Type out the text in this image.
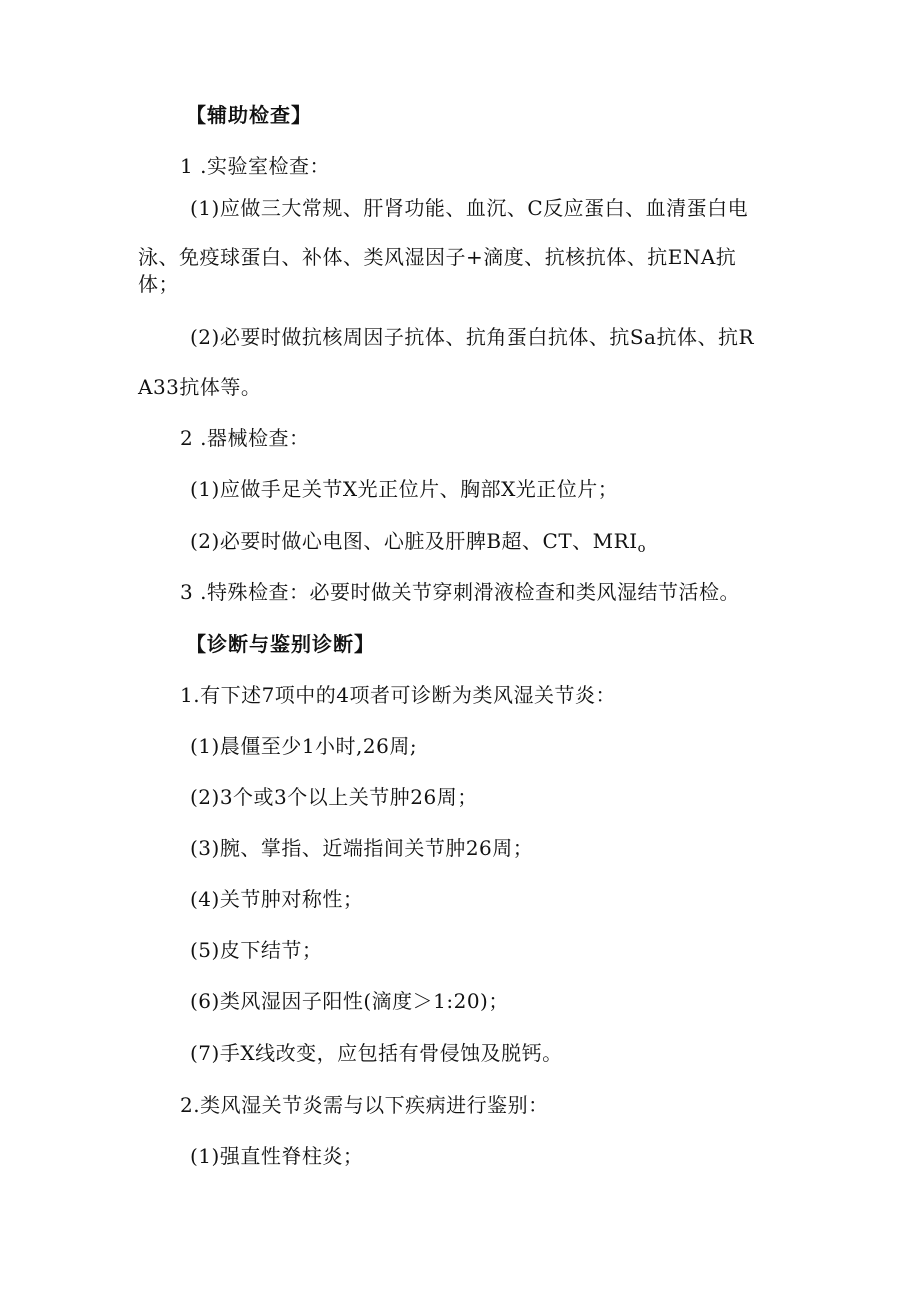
【辅助检查】
1 .实验室检查：
(1)应做三大常规、肝肾功能、血沉、C反应蛋白、血清蛋白电
泳、免疫球蛋白、补体、类风湿因子+滴度、抗核抗体、抗ENA抗
体；
(2)必要时做抗核周因子抗体、抗角蛋白抗体、抗Sa抗体、抗R
A33抗体等。
2 .器械检查：
(1)应做手足关节X光正位片、胸部X光正位片；
(2)必要时做心电图、心脏及肝脾B超、CT、$MRI_o$
3 .特殊检查：必要时做关节穿刺滑液检查和类风湿结节活检。
【诊断与鉴别诊断】
1.有下述7项中的4项者可诊断为类风湿关节炎：
(1)晨僵至少1小时,26周;
(2)3个或3个以上关节肿26周；
(3)腕、掌指、近端指间关节肿26周；
(4)关节肿对称性；
(5)皮下结节；
(6)类风湿因子阳性(滴度＞1:20)；
(7)手X线改变，应包括有骨侵蚀及脱钙。
2.类风湿关节炎需与以下疾病进行鉴别：
(1)强直性脊柱炎；
